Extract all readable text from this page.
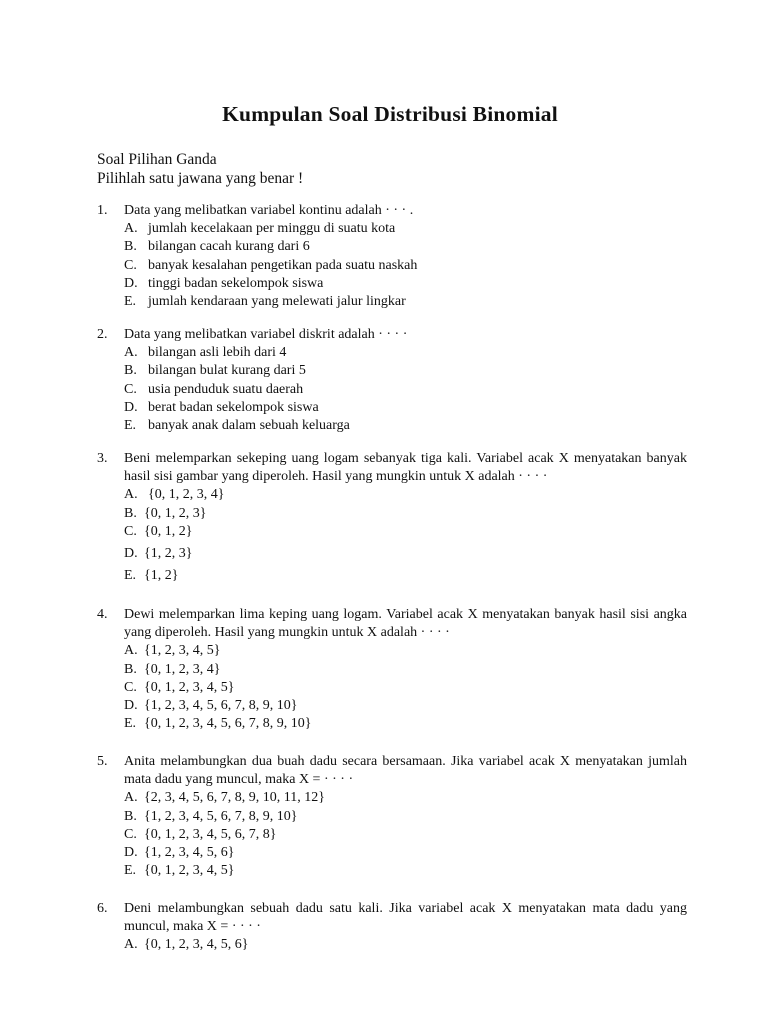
Kumpulan Soal Distribusi Binomial
Soal Pilihan Ganda
Pilihlah satu jawana yang benar !
1.	Data yang melibatkan variabel kontinu adalah · · · .
A. jumlah kecelakaan per minggu di suatu kota
B. bilangan cacah kurang dari 6
C. banyak kesalahan pengetikan pada suatu naskah
D. tinggi badan sekelompok siswa
E. jumlah kendaraan yang melewati jalur lingkar
2.	Data yang melibatkan variabel diskrit adalah · · · ·
A. bilangan asli lebih dari 4
B. bilangan bulat kurang dari 5
C. usia penduduk suatu daerah
D. berat badan sekelompok siswa
E. banyak anak dalam sebuah keluarga
3.	Beni melemparkan sekeping uang logam sebanyak tiga kali. Variabel acak X menyatakan banyak hasil sisi gambar yang diperoleh. Hasil yang mungkin untuk X adalah · · · ·
A. {0, 1, 2, 3, 4}
B. {0, 1, 2, 3}
C. {0, 1, 2}
D. {1, 2, 3}
E. {1, 2}
4.	Dewi melemparkan lima keping uang logam. Variabel acak X menyatakan banyak hasil sisi angka yang diperoleh. Hasil yang mungkin untuk X adalah · · · ·
A. {1, 2, 3, 4, 5}
B. {0, 1, 2, 3, 4}
C. {0, 1, 2, 3, 4, 5}
D. {1, 2, 3, 4, 5, 6, 7, 8, 9, 10}
E. {0, 1, 2, 3, 4, 5, 6, 7, 8, 9, 10}
5.	Anita melambungkan dua buah dadu secara bersamaan. Jika variabel acak X menyatakan jumlah mata dadu yang muncul, maka X = · · · ·
A. {2, 3, 4, 5, 6, 7, 8, 9, 10, 11, 12}
B. {1, 2, 3, 4, 5, 6, 7, 8, 9, 10}
C. {0, 1, 2, 3, 4, 5, 6, 7, 8}
D. {1, 2, 3, 4, 5, 6}
E. {0, 1, 2, 3, 4, 5}
6.	Deni melambungkan sebuah dadu satu kali. Jika variabel acak X menyatakan mata dadu yang muncul, maka X = · · · ·
A. {0, 1, 2, 3, 4, 5, 6}
